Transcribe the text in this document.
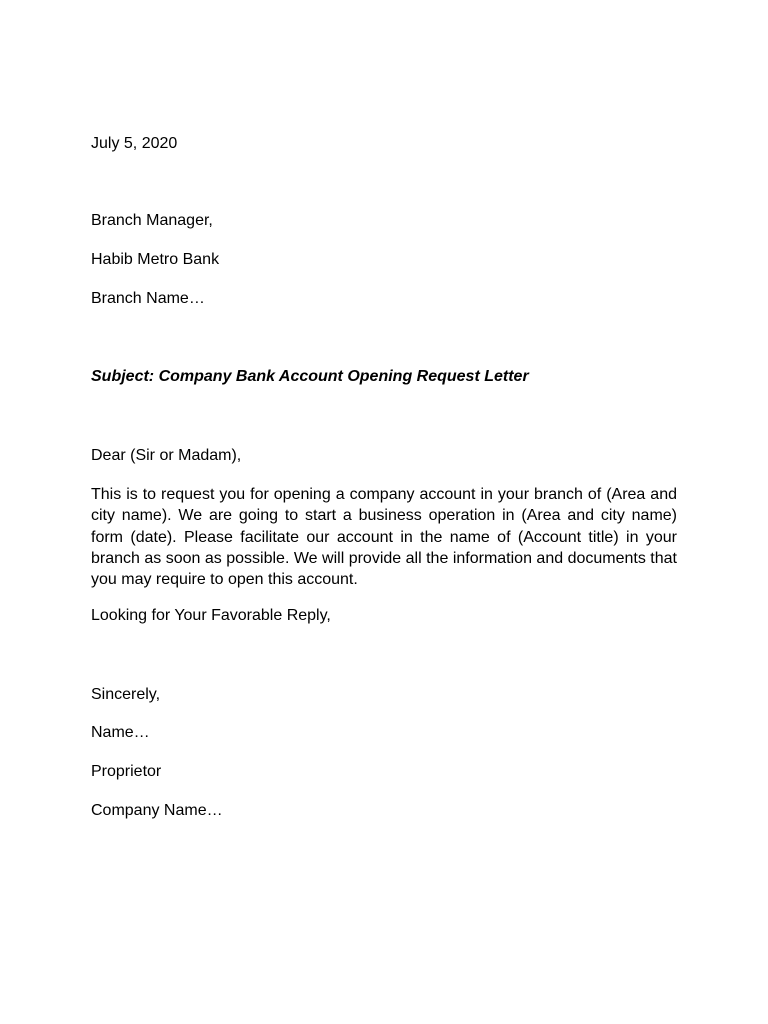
July 5, 2020

Branch Manager,

Habib Metro Bank

Branch Name…

Subject: Company Bank Account Opening Request Letter

Dear (Sir or Madam),

This is to request you for opening a company account in your branch of (Area and city name). We are going to start a business operation in (Area and city name) form (date). Please facilitate our account in the name of (Account title) in your branch as soon as possible. We will provide all the information and documents that you may require to open this account.

Looking for Your Favorable Reply,

Sincerely,

Name…

Proprietor

Company Name…
